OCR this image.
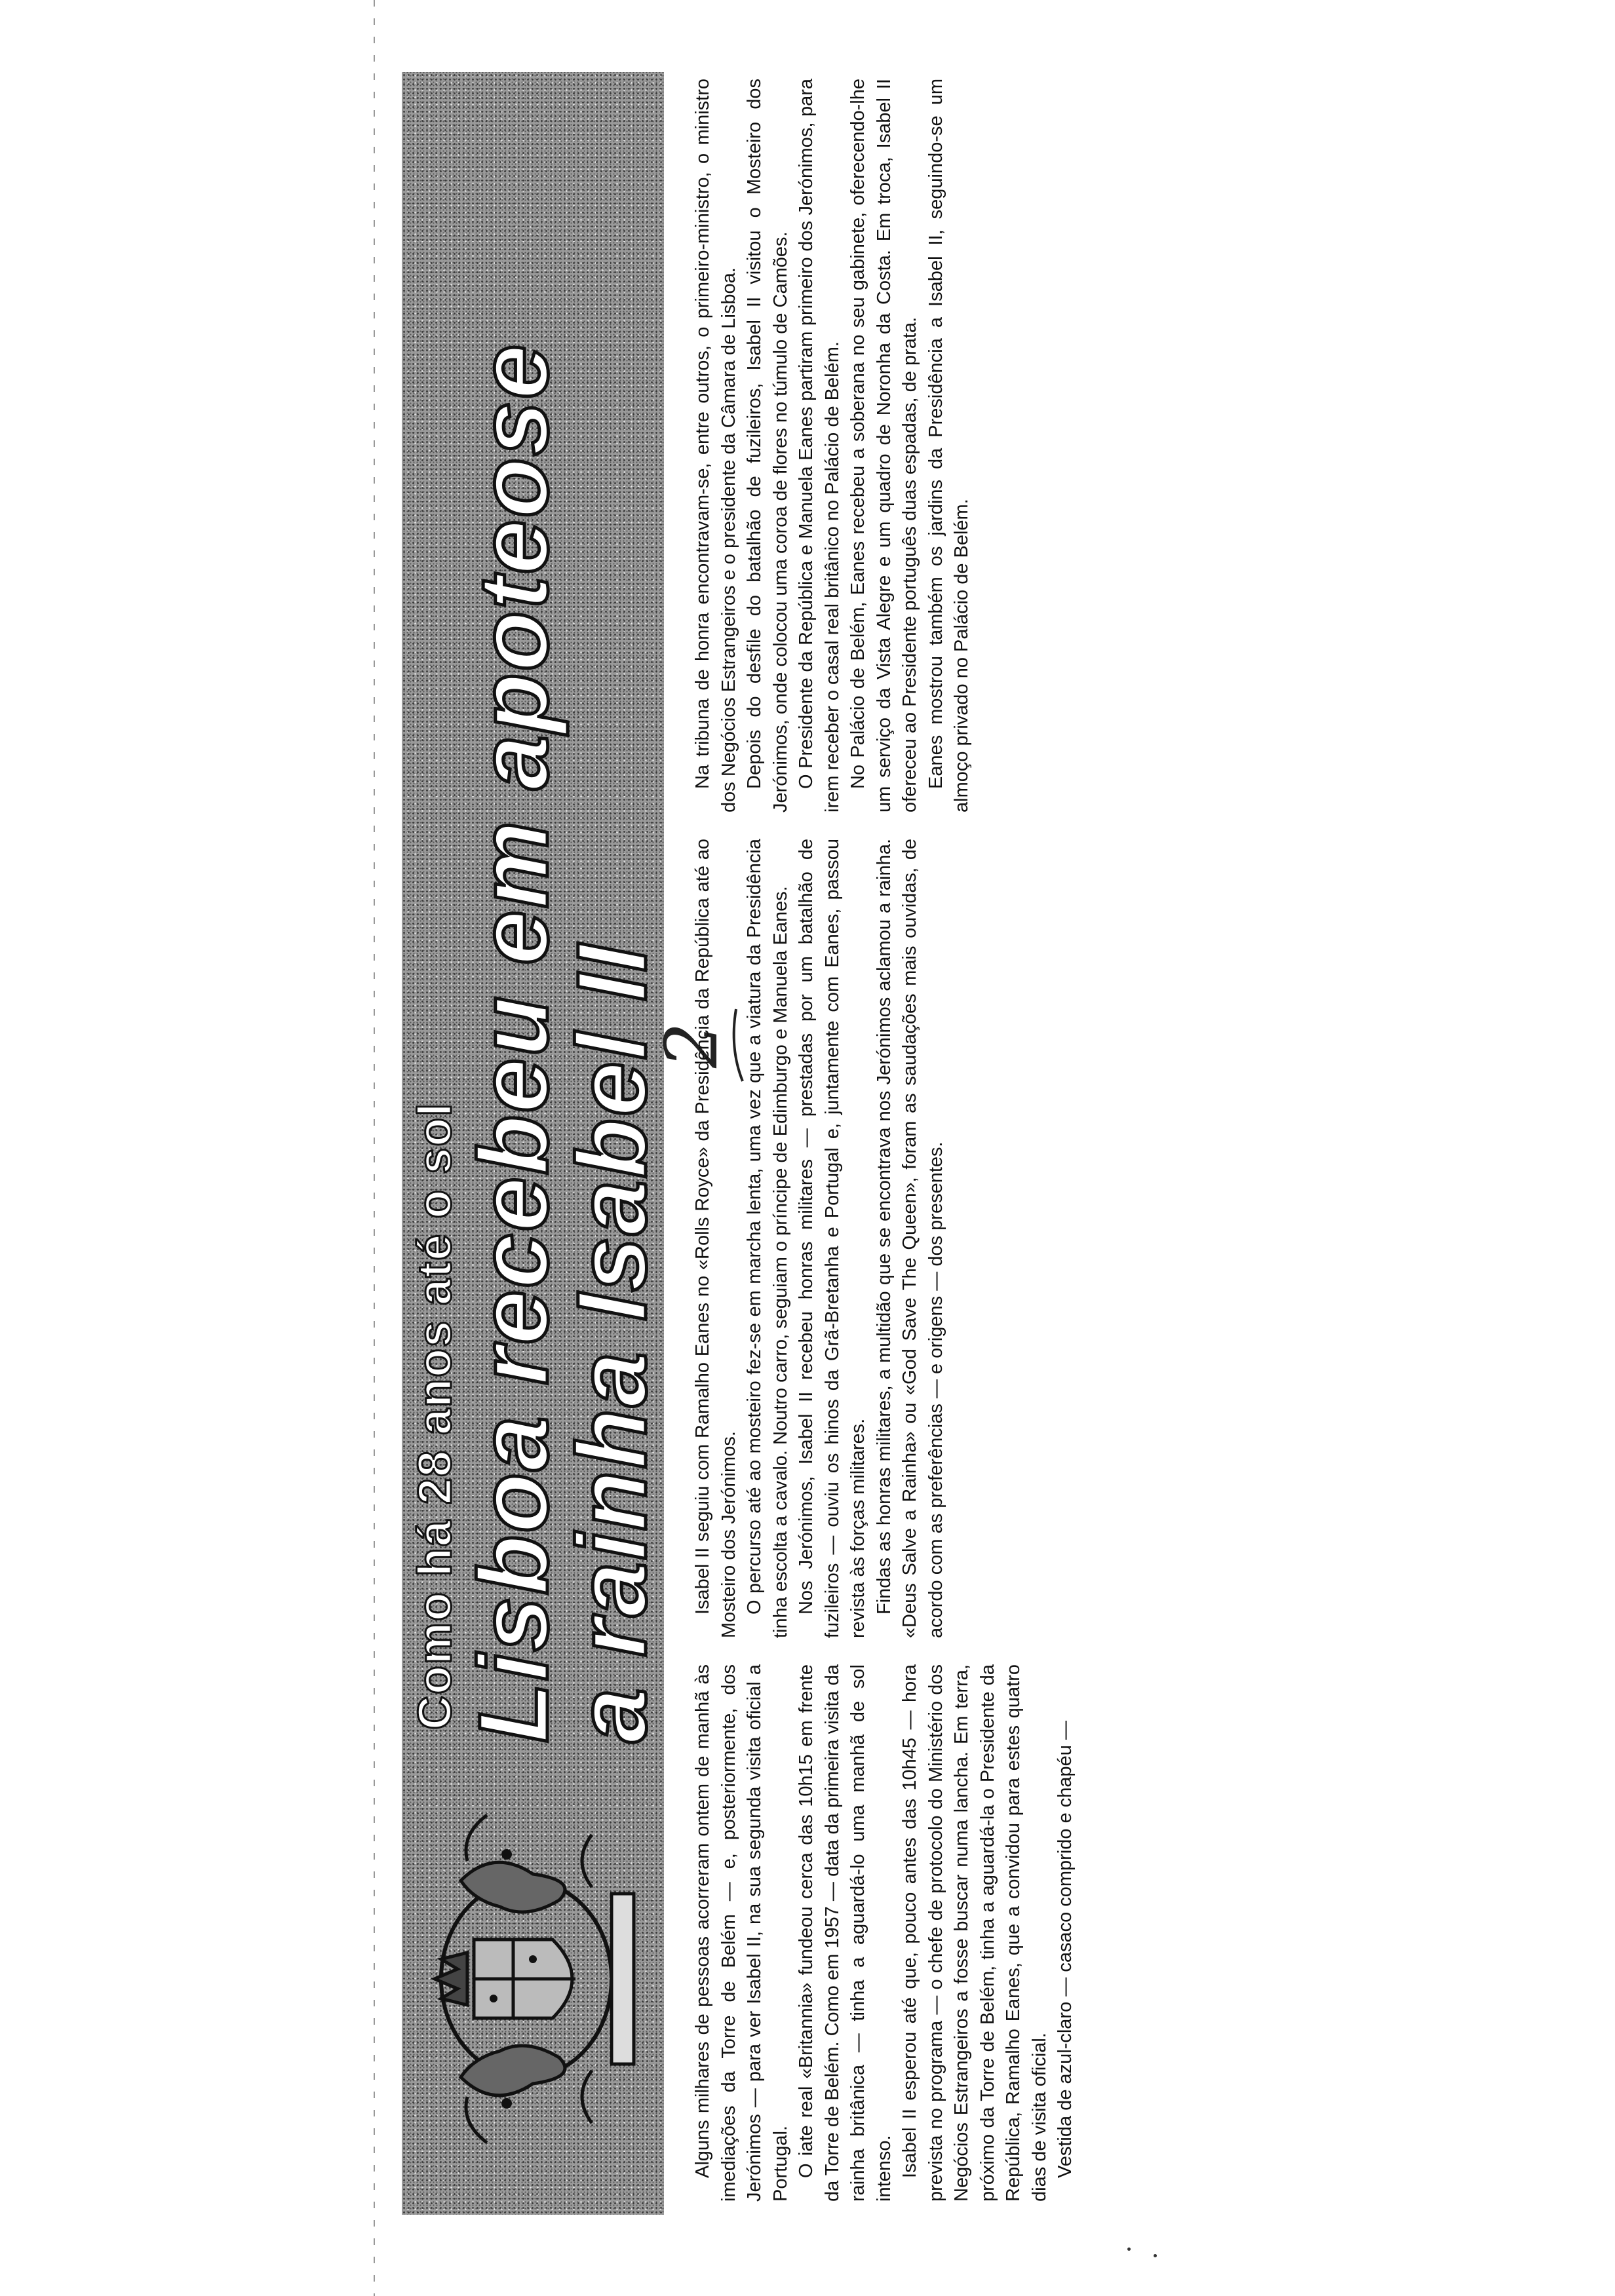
Como há 28 anos até o sol
Lisboa recebeu em apoteose
a rainha Isabel II
2

Alguns milhares de pessoas acorreram ontem de manhã às imediações da Torre de Belém — e, posteriormente, dos Jerónimos — para ver Isabel II, na sua segunda visita oficial a Portugal. O iate real «Britannia» fundeou cerca das 10h15 em frente da Torre de Belém. Como em 1957 — data da primeira visita da rainha britânica — tinha a aguardá-lo uma manhã de sol intenso. Isabel II esperou até que, pouco antes das 10h45 — hora prevista no programa — o chefe de protocolo do Ministério dos Negócios Estrangeiros a fosse buscar numa lancha. Em terra, próximo da Torre de Belém, tinha a aguardá-la o Presidente da República, Ramalho Eanes, que a convidou para estes quatro dias de visita oficial. Vestida de azul-claro — casaco comprido e chapéu —

Isabel II seguiu com Ramalho Eanes no «Rolls Royce» da Presidência da República até ao Mosteiro dos Jerónimos. O percurso até ao mosteiro fez-se em marcha lenta, uma vez que a viatura da Presidência tinha escolta a cavalo. Noutro carro, seguiam o príncipe de Edimburgo e Manuela Eanes. Nos Jerónimos, Isabel II recebeu honras militares — prestadas por um batalhão de fuzileiros — ouviu os hinos da Grã-Bretanha e Portugal e, juntamente com Eanes, passou revista às forças militares. Findas as honras militares, a multidão que se encontrava nos Jerónimos aclamou a rainha. «Deus Salve a Rainha» ou «God Save The Queen», foram as saudações mais ouvidas, de acordo com as preferências — e origens — dos presentes.

Na tribuna de honra encontravam-se, entre outros, o primeiro-ministro, o ministro dos Negócios Estrangeiros e o presidente da Câmara de Lisboa. Depois do desfile do batalhão de fuzileiros, Isabel II visitou o Mosteiro dos Jerónimos, onde colocou uma coroa de flores no túmulo de Camões. O Presidente da República e Manuela Eanes partiram primeiro dos Jerónimos, para irem receber o casal real britânico no Palácio de Belém. No Palácio de Belém, Eanes recebeu a soberana no seu gabinete, oferecendo-lhe um serviço da Vista Alegre e um quadro de Noronha da Costa. Em troca, Isabel II ofereceu ao Presidente português duas espadas, de prata. Eanes mostrou também os jardins da Presidência a Isabel II, seguindo-se um almoço privado no Palácio de Belém.
